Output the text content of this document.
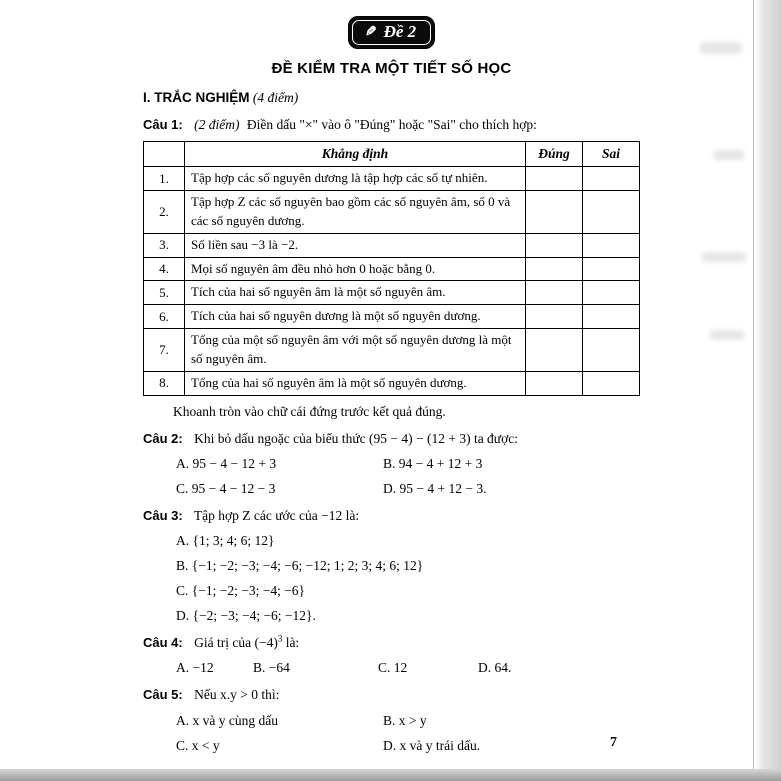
✎ Đề 2
ĐỀ KIỂM TRA MỘT TIẾT SỐ HỌC
I. TRẮC NGHIỆM (4 điểm)
Câu 1: (2 điểm) Điền dấu "×" vào ô "Đúng" hoặc "Sai" cho thích hợp:
	Khẳng định	Đúng	Sai
1.	Tập hợp các số nguyên dương là tập hợp các số tự nhiên.		
2.	Tập hợp Z các số nguyên bao gồm các số nguyên âm, số 0 và các số nguyên dương.		
3.	Số liền sau −3 là −2.		
4.	Mọi số nguyên âm đều nhỏ hơn 0 hoặc bằng 0.		
5.	Tích của hai số nguyên âm là một số nguyên âm.		
6.	Tích của hai số nguyên dương là một số nguyên dương.		
7.	Tổng của một số nguyên âm với một số nguyên dương là một số nguyên âm.		
8.	Tổng của hai số nguyên âm là một số nguyên dương.		
Khoanh tròn vào chữ cái đứng trước kết quả đúng.
Câu 2: Khi bỏ dấu ngoặc của biểu thức (95 − 4) − (12 + 3) ta được:
A. 95 − 4 − 12 + 3	B. 94 − 4 + 12 + 3
C. 95 − 4 − 12 − 3	D. 95 − 4 + 12 − 3.
Câu 3: Tập hợp Z các ước của −12 là:
A. {1; 3; 4; 6; 12}
B. {−1; −2; −3; −4; −6; −12; 1; 2; 3; 4; 6; 12}
C. {−1; −2; −3; −4; −6}
D. {−2; −3; −4; −6; −12}.
Câu 4: Giá trị của $(-4)^3$ là:
A. −12	B. −64	C. 12	D. 64.
Câu 5: Nếu x.y > 0 thì:
A. x và y cùng dấu	B. x > y
C. x < y	D. x và y trái dấu.	7
